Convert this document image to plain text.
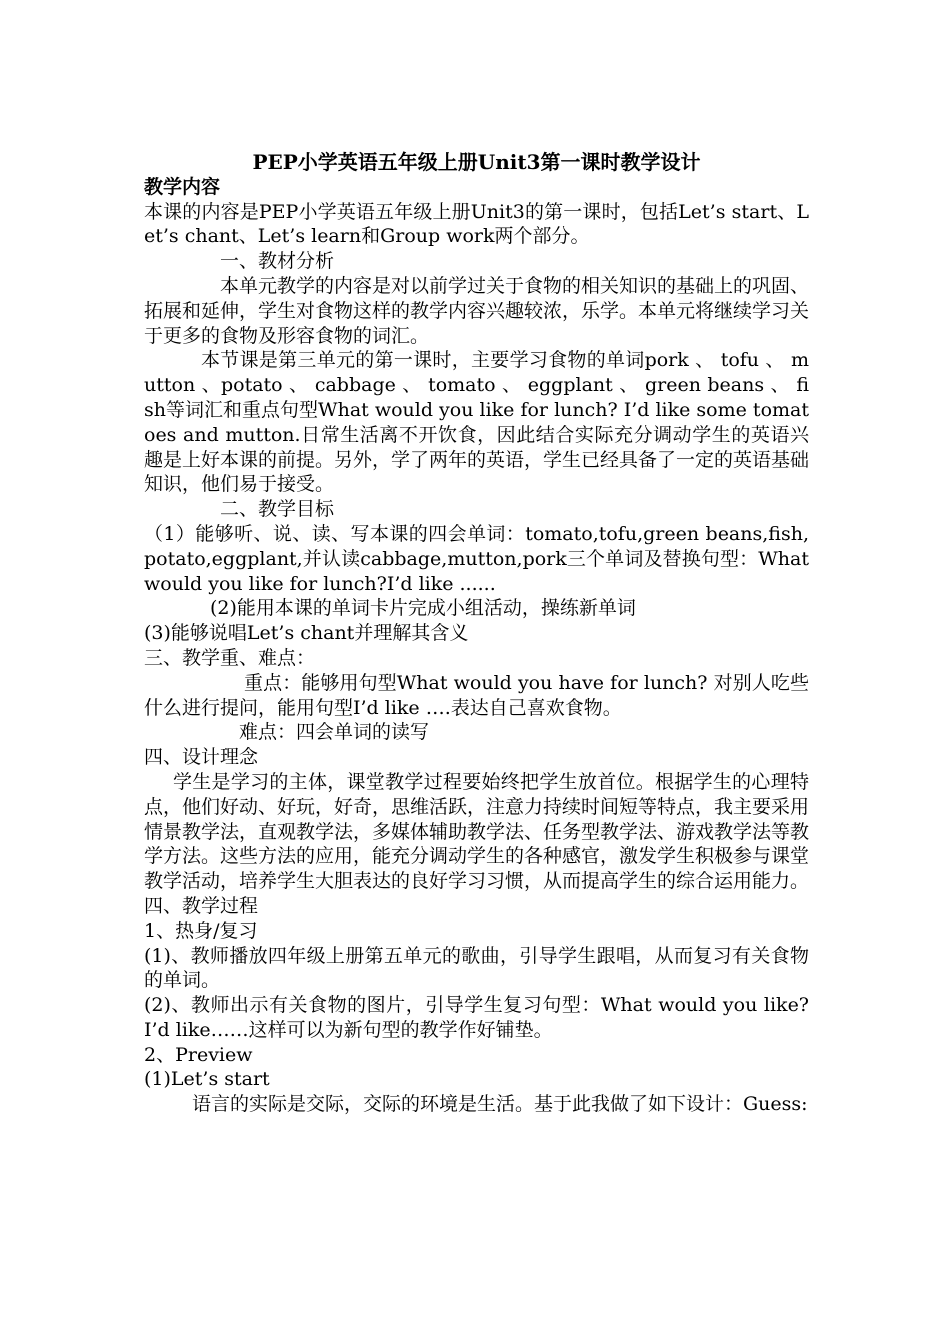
PEP小学英语五年级上册Unit3第一课时教学设计

教学内容

本课的内容是PEP小学英语五年级上册Unit3的第一课时，包括Let’s start、Let’s chant、Let’s learn和Group work两个部分。

一、教材分析

本单元教学的内容是对以前学过关于食物的相关知识的基础上的巩固、拓展和延伸，学生对食物这样的教学内容兴趣较浓，乐学。本单元将继续学习关于更多的食物及形容食物的词汇。

本节课是第三单元的第一课时，主要学习食物的单词pork 、 tofu 、 mutton 、potato 、 cabbage 、 tomato 、 eggplant 、 green beans 、 fish等词汇和重点句型What would you like for lunch? I’d like some tomatoes and mutton.日常生活离不开饮食，因此结合实际充分调动学生的英语兴趣是上好本课的前提。另外，学了两年的英语，学生已经具备了一定的英语基础知识，他们易于接受。

二、教学目标

（1）能够听、说、读、写本课的四会单词：tomato,tofu,green beans,fish,potato,eggplant,并认读cabbage,mutton,pork三个单词及替换句型：What would you like for lunch?I’d like ......

(2)能用本课的单词卡片完成小组活动，操练新单词

(3)能够说唱Let’s chant并理解其含义

三、教学重、难点：

重点：能够用句型What would you have for lunch? 对别人吃些什么进行提问，能用句型I’d like ….表达自己喜欢食物。

难点：四会单词的读写

四、设计理念

学生是学习的主体，课堂教学过程要始终把学生放首位。根据学生的心理特点，他们好动、好玩，好奇，思维活跃，注意力持续时间短等特点，我主要采用情景教学法，直观教学法，多媒体辅助教学法、任务型教学法、游戏教学法等教学方法。这些方法的应用，能充分调动学生的各种感官，激发学生积极参与课堂教学活动，培养学生大胆表达的良好学习习惯，从而提高学生的综合运用能力。

四、教学过程

1、热身/复习

(1)、教师播放四年级上册第五单元的歌曲，引导学生跟唱，从而复习有关食物的单词。

(2)、教师出示有关食物的图片，引导学生复习句型：What would you like? I’d like……这样可以为新句型的教学作好铺垫。

2、Preview

(1)Let’s start

语言的实际是交际，交际的环境是生活。基于此我做了如下设计：Guess:
